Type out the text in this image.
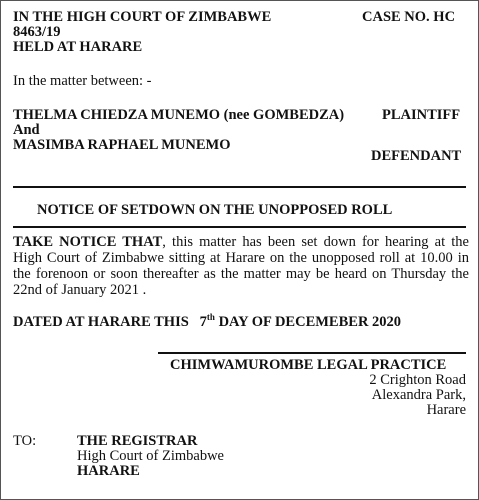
IN THE HIGH COURT OF ZIMBABWE	CASE NO. HC
8463/19
HELD AT HARARE
In the matter between: -
THELMA CHIEDZA MUNEMO (nee GOMBEDZA)	PLAINTIFF
And
MASIMBA RAPHAEL MUNEMO
DEFENDANT
NOTICE OF SETDOWN ON THE UNOPPOSED ROLL
TAKE NOTICE THAT, this matter has been set down for hearing at the High Court of Zimbabwe sitting at Harare on the unopposed roll at 10.00 in the forenoon or soon thereafter as the matter may be heard on Thursday the 22nd of January 2021 .
DATED AT HARARE THIS 7th DAY OF DECEMEBER 2020
CHIMWAMUROMBE LEGAL PRACTICE
2 Crighton Road
Alexandra Park,
Harare
TO:	THE REGISTRAR
High Court of Zimbabwe
HARARE
